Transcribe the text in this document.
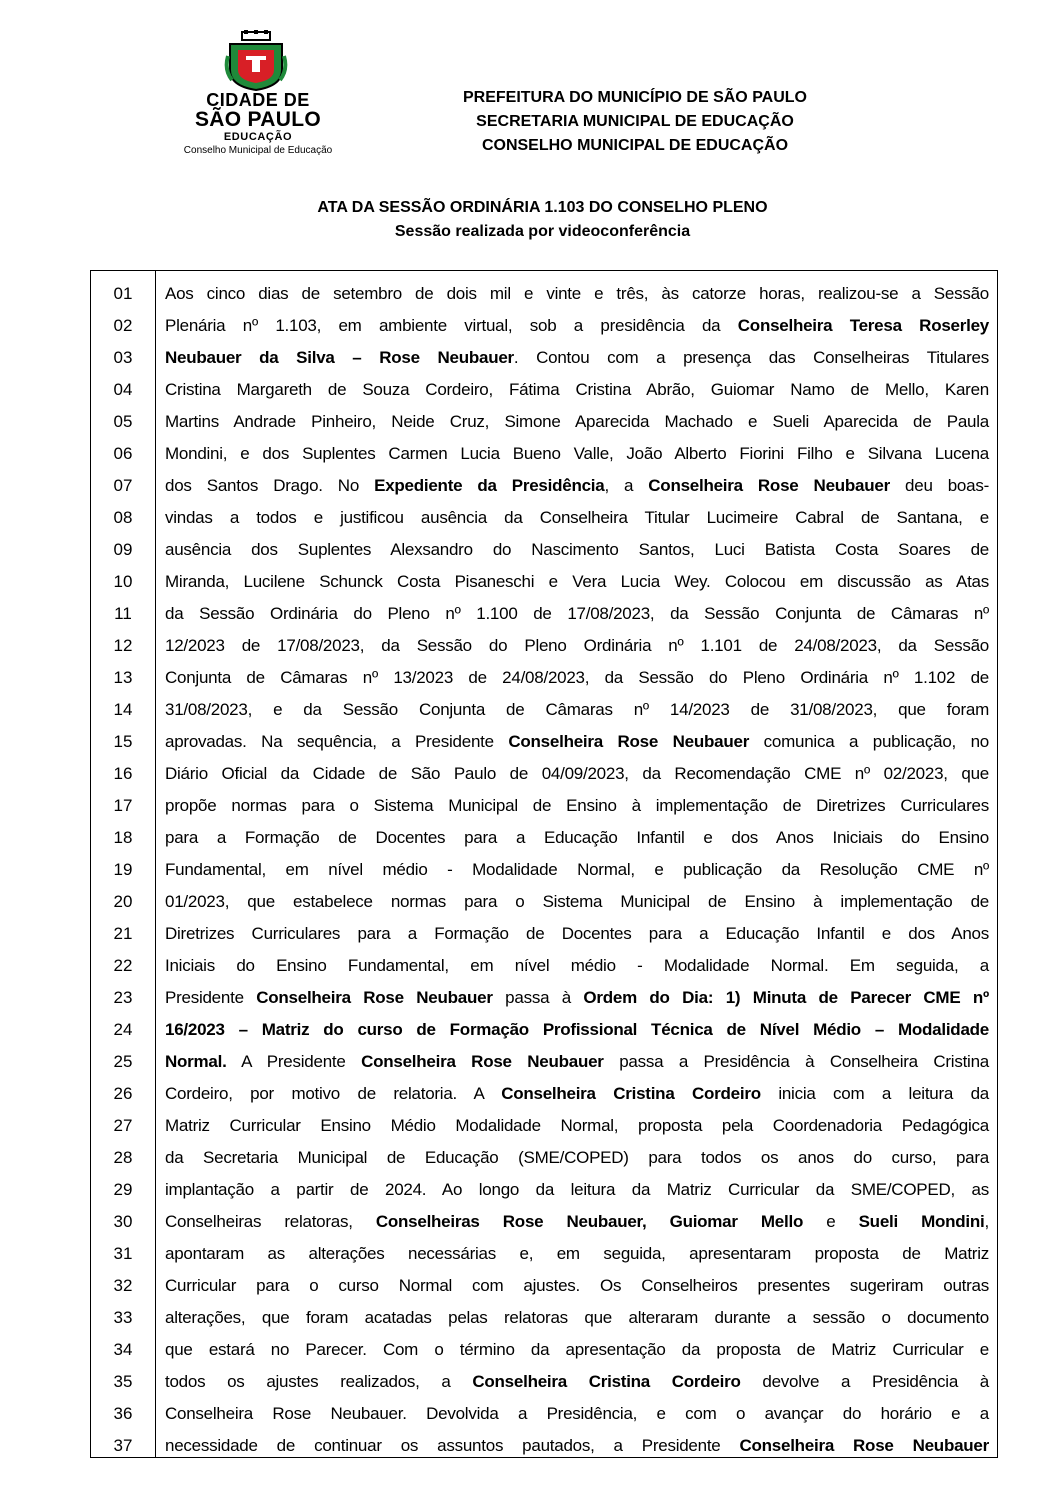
CIDADE DE
SÃO PAULO
EDUCAÇÃO
Conselho Municipal de Educação
PREFEITURA DO MUNICÍPIO DE SÃO PAULO
SECRETARIA MUNICIPAL DE EDUCAÇÃO
CONSELHO MUNICIPAL DE EDUCAÇÃO
ATA DA SESSÃO ORDINÁRIA 1.103 DO CONSELHO PLENO
Sessão realizada por videoconferência
01
02
03
04
05
06
07
08
09
10
11
12
13
14
15
16
17
18
19
20
21
22
23
24
25
26
27
28
29
30
31
32
33
34
35
36
37
Aos cinco dias de setembro de dois mil e vinte e três, às catorze horas, realizou-se a Sessão
Plenária nº 1.103, em ambiente virtual, sob a presidência da Conselheira Teresa Roserley
Neubauer da Silva – Rose Neubauer. Contou com a presença das Conselheiras Titulares
Cristina Margareth de Souza Cordeiro, Fátima Cristina Abrão, Guiomar Namo de Mello, Karen
Martins Andrade Pinheiro, Neide Cruz, Simone Aparecida Machado e Sueli Aparecida de Paula
Mondini, e dos Suplentes Carmen Lucia Bueno Valle, João Alberto Fiorini Filho e Silvana Lucena
dos Santos Drago. No Expediente da Presidência, a Conselheira Rose Neubauer deu boas-
vindas a todos e justificou ausência da Conselheira Titular Lucimeire Cabral de Santana, e
ausência dos Suplentes Alexsandro do Nascimento Santos, Luci Batista Costa Soares de
Miranda, Lucilene Schunck Costa Pisaneschi e Vera Lucia Wey. Colocou em discussão as Atas
da Sessão Ordinária do Pleno nº 1.100 de 17/08/2023, da Sessão Conjunta de Câmaras nº
12/2023 de 17/08/2023, da Sessão do Pleno Ordinária nº 1.101 de 24/08/2023, da Sessão
Conjunta de Câmaras nº 13/2023 de 24/08/2023, da Sessão do Pleno Ordinária nº 1.102 de
31/08/2023, e da Sessão Conjunta de Câmaras nº 14/2023 de 31/08/2023, que foram
aprovadas. Na sequência, a Presidente Conselheira Rose Neubauer comunica a publicação, no
Diário Oficial da Cidade de São Paulo de 04/09/2023, da Recomendação CME nº 02/2023, que
propõe normas para o Sistema Municipal de Ensino à implementação de Diretrizes Curriculares
para a Formação de Docentes para a Educação Infantil e dos Anos Iniciais do Ensino
Fundamental, em nível médio - Modalidade Normal, e publicação da Resolução CME nº
01/2023, que estabelece normas para o Sistema Municipal de Ensino à implementação de
Diretrizes Curriculares para a Formação de Docentes para a Educação Infantil e dos Anos
Iniciais do Ensino Fundamental, em nível médio - Modalidade Normal. Em seguida, a
Presidente Conselheira Rose Neubauer passa à Ordem do Dia: 1) Minuta de Parecer CME nº
16/2023 – Matriz do curso de Formação Profissional Técnica de Nível Médio – Modalidade
Normal. A Presidente Conselheira Rose Neubauer passa a Presidência à Conselheira Cristina
Cordeiro, por motivo de relatoria. A Conselheira Cristina Cordeiro inicia com a leitura da
Matriz Curricular Ensino Médio Modalidade Normal, proposta pela Coordenadoria Pedagógica
da Secretaria Municipal de Educação (SME/COPED) para todos os anos do curso, para
implantação a partir de 2024. Ao longo da leitura da Matriz Curricular da SME/COPED, as
Conselheiras relatoras, Conselheiras Rose Neubauer, Guiomar Mello e Sueli Mondini,
apontaram as alterações necessárias e, em seguida, apresentaram proposta de Matriz
Curricular para o curso Normal com ajustes. Os Conselheiros presentes sugeriram outras
alterações, que foram acatadas pelas relatoras que alteraram durante a sessão o documento
que estará no Parecer. Com o término da apresentação da proposta de Matriz Curricular e
todos os ajustes realizados, a Conselheira Cristina Cordeiro devolve a Presidência à
Conselheira Rose Neubauer. Devolvida a Presidência, e com o avançar do horário e a
necessidade de continuar os assuntos pautados, a Presidente Conselheira Rose Neubauer
